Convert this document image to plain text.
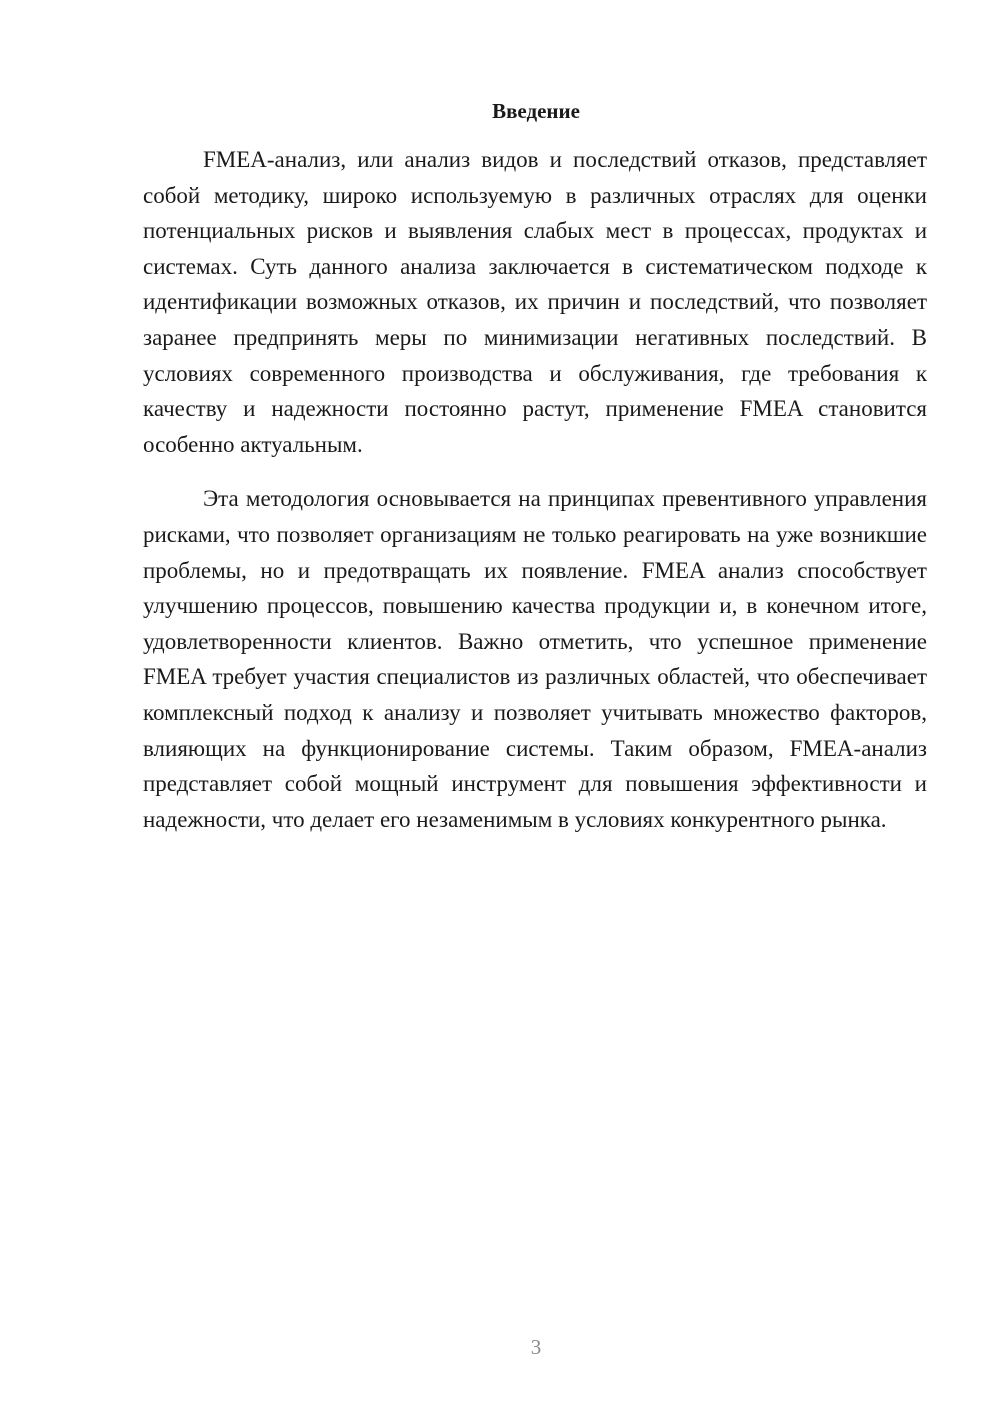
Введение

FMEA-анализ, или анализ видов и последствий отказов, представляет собой методику, широко используемую в различных отраслях для оценки потенциальных рисков и выявления слабых мест в процессах, продуктах и системах. Суть данного анализа заключается в систематическом подходе к идентификации возможных отказов, их причин и последствий, что позволяет заранее предпринять меры по минимизации негативных последствий. В условиях современного производства и обслуживания, где требования к качеству и надежности постоянно растут, применение FMEA становится особенно актуальным.

Эта методология основывается на принципах превентивного управления рисками, что позволяет организациям не только реагировать на уже возникшие проблемы, но и предотвращать их появление. FMEA анализ способствует улучшению процессов, повышению качества продукции и, в конечном итоге, удовлетворенности клиентов. Важно отметить, что успешное применение FMEA требует участия специалистов из различных областей, что обеспечивает комплексный подход к анализу и позволяет учитывать множество факторов, влияющих на функционирование системы. Таким образом, FMEA-анализ представляет собой мощный инструмент для повышения эффективности и надежности, что делает его незаменимым в условиях конкурентного рынка.

3
